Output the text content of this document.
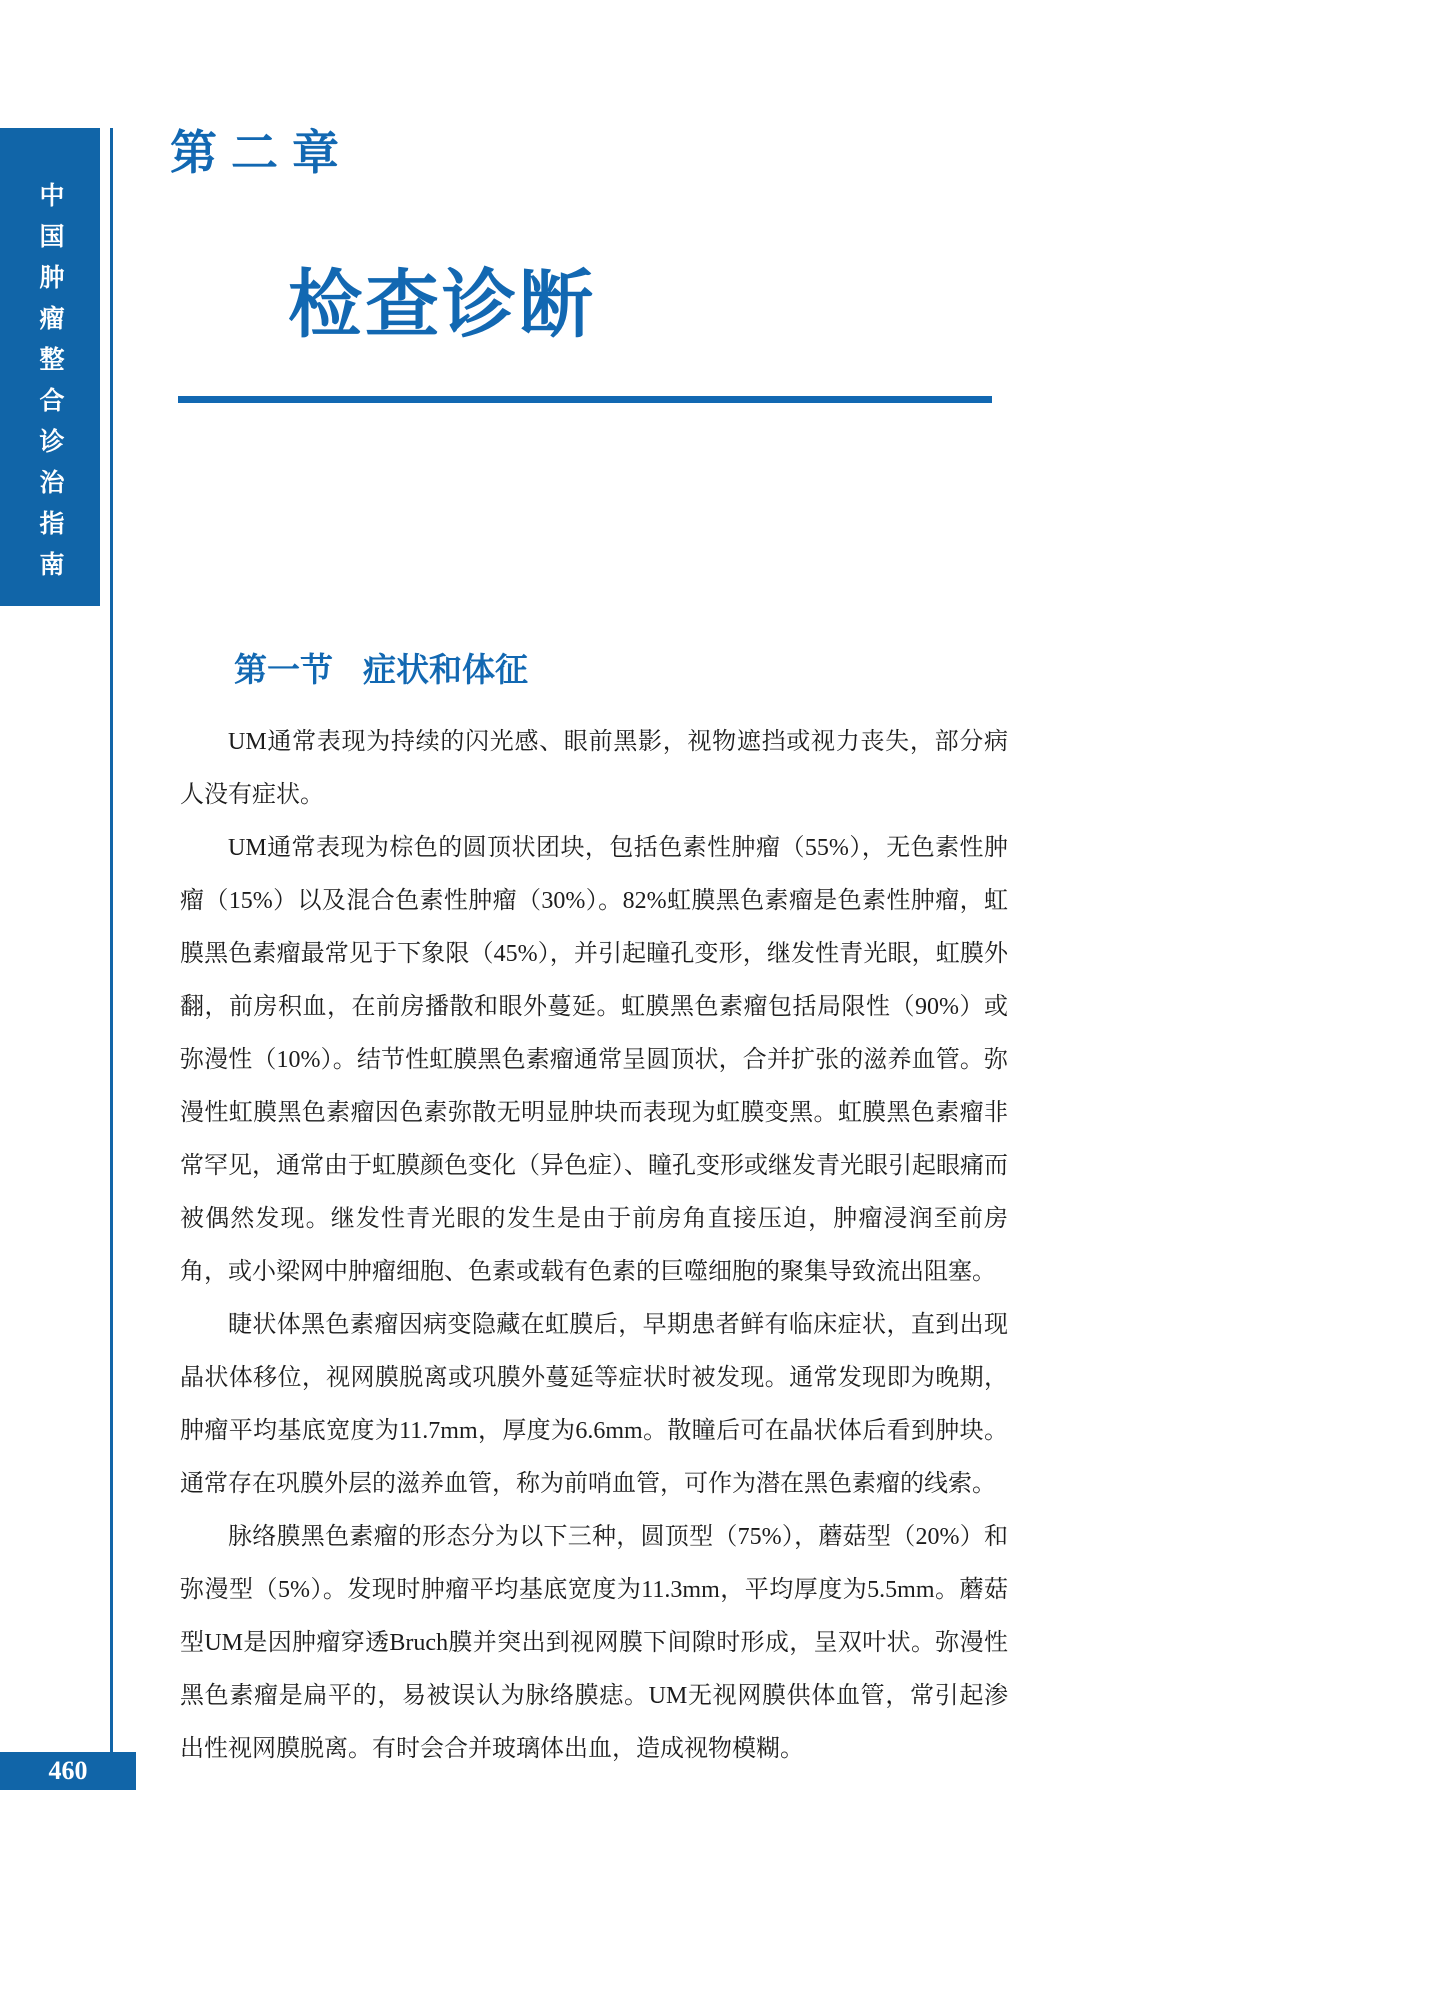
中国肿瘤整合诊治指南
460
第二章
检查诊断
第一节 症状和体征

UM通常表现为持续的闪光感、眼前黑影，视物遮挡或视力丧失，部分病人没有症状。

UM通常表现为棕色的圆顶状团块，包括色素性肿瘤（55%），无色素性肿瘤（15%）以及混合色素性肿瘤（30%）。82%虹膜黑色素瘤是色素性肿瘤，虹膜黑色素瘤最常见于下象限（45%），并引起瞳孔变形，继发性青光眼，虹膜外翻，前房积血，在前房播散和眼外蔓延。虹膜黑色素瘤包括局限性（90%）或弥漫性（10%）。结节性虹膜黑色素瘤通常呈圆顶状，合并扩张的滋养血管。弥漫性虹膜黑色素瘤因色素弥散无明显肿块而表现为虹膜变黑。虹膜黑色素瘤非常罕见，通常由于虹膜颜色变化（异色症）、瞳孔变形或继发青光眼引起眼痛而被偶然发现。继发性青光眼的发生是由于前房角直接压迫，肿瘤浸润至前房角，或小梁网中肿瘤细胞、色素或载有色素的巨噬细胞的聚集导致流出阻塞。

睫状体黑色素瘤因病变隐藏在虹膜后，早期患者鲜有临床症状，直到出现晶状体移位，视网膜脱离或巩膜外蔓延等症状时被发现。通常发现即为晚期，肿瘤平均基底宽度为11.7mm，厚度为6.6mm。散瞳后可在晶状体后看到肿块。通常存在巩膜外层的滋养血管，称为前哨血管，可作为潜在黑色素瘤的线索。

脉络膜黑色素瘤的形态分为以下三种，圆顶型（75%），蘑菇型（20%）和弥漫型（5%）。发现时肿瘤平均基底宽度为11.3mm，平均厚度为5.5mm。蘑菇型UM是因肿瘤穿透Bruch膜并突出到视网膜下间隙时形成，呈双叶状。弥漫性黑色素瘤是扁平的，易被误认为脉络膜痣。UM无视网膜供体血管，常引起渗出性视网膜脱离。有时会合并玻璃体出血，造成视物模糊。
